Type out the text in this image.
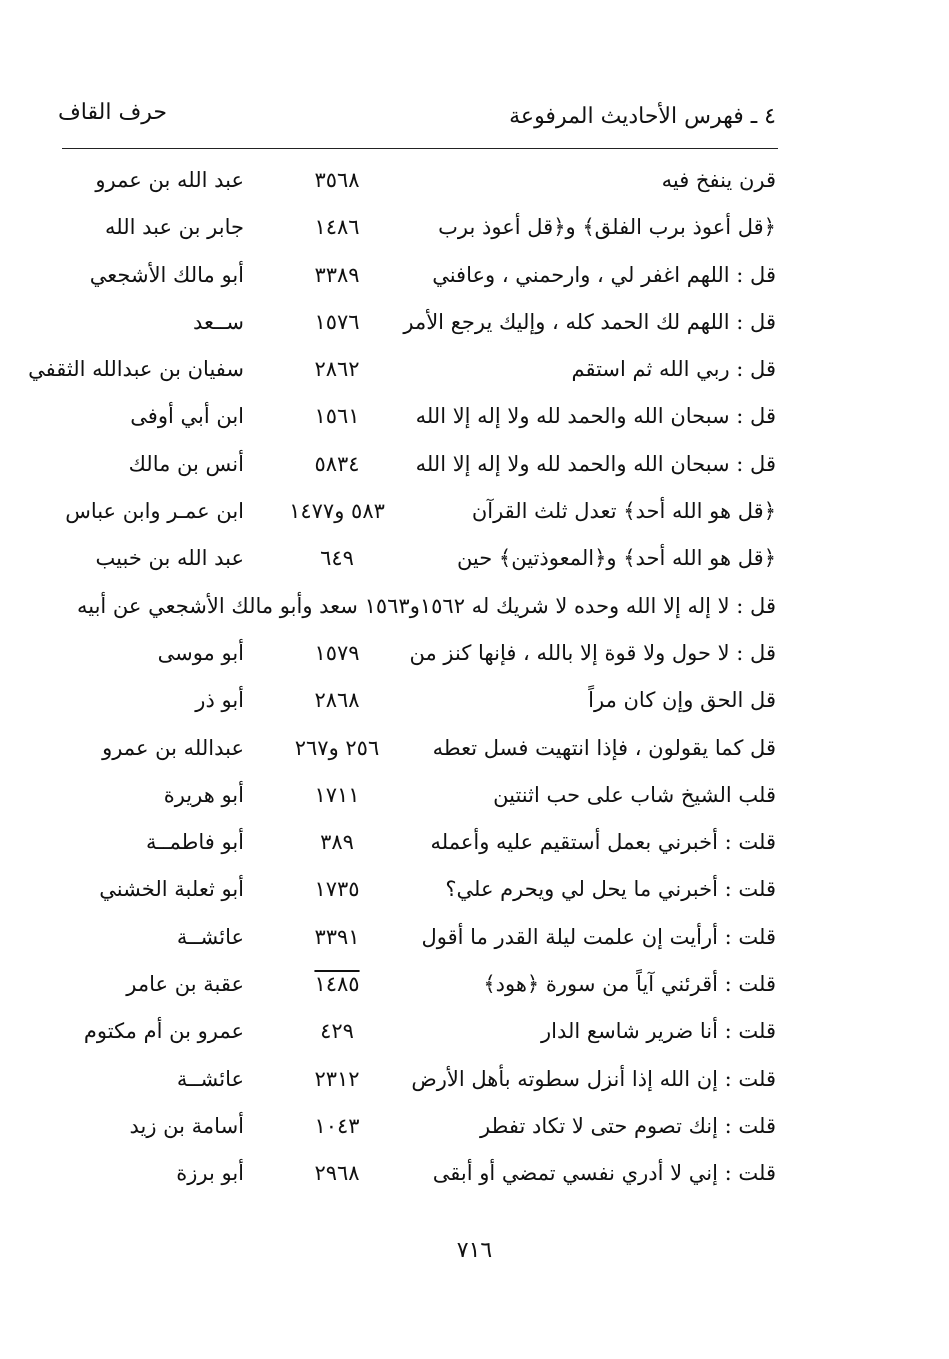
٤ ـ فهرس الأحاديث المرفوعة
حرف القاف
قرن ينفخ فيه
٣٥٦٨
عبد الله بن عمرو
﴿قل أعوذ برب الفلق﴾ و﴿قل أعوذ برب
١٤٨٦
جابر بن عبد الله
قل : اللهم اغفر لي ، وارحمني ، وعافني
٣٣٨٩
أبو مالك الأشجعي
قل : اللهم لك الحمد كله ، وإليك يرجع الأمر
١٥٧٦
ســعد
قل : ربي الله ثم استقم
٢٨٦٢
سفيان بن عبدالله الثقفي
قل : سبحان الله والحمد لله ولا إله إلا الله
١٥٦١
ابن أبي أوفى
قل : سبحان الله والحمد لله ولا إله إلا الله
٥٨٣٤
أنس بن مالك
﴿قل هو الله أحد﴾ تعدل ثلث القرآن
٥٨٣ و١٤٧٧
ابن عمـر وابن عباس
﴿قل هو الله أحد﴾ و﴿المعوذتين﴾ حين
٦٤٩
عبد الله بن خبيب
قل : لا إله إلا الله وحده لا شريك له ١٥٦٢و١٥٦٣ سعد وأبو مالك الأشجعي عن أبيه
قل : لا حول ولا قوة إلا بالله ، فإنها كنز من
١٥٧٩
أبو موسى
قل الحق وإن كان مراً
٢٨٦٨
أبو ذر
قل كما يقولون ، فإذا انتهيت فسل تعطه
٢٥٦ و٢٦٧
عبدالله بن عمرو
قلب الشيخ شاب على حب اثنتين
١٧١١
أبو هريرة
قلت : أخبرني بعمل أستقيم عليه وأعمله
٣٨٩
أبو فاطمــة
قلت : أخبرني ما يحل لي ويحرم علي؟
١٧٣٥
أبو ثعلبة الخشني
قلت : أرأيت إن علمت ليلة القدر ما أقول
٣٣٩١
عائشــة
قلت : أقرئني آياً من سورة ﴿هود﴾
١٤٨٥
عقبة بن عامر
قلت : أنا ضرير شاسع الدار
٤٢٩
عمرو بن أم مكتوم
قلت : إن الله إذا أنزل سطوته بأهل الأرض
٢٣١٢
عائشــة
قلت : إنك تصوم حتى لا تكاد تفطر
١٠٤٣
أسامة بن زيد
قلت : إني لا أدري نفسي تمضي أو أبقى
٢٩٦٨
أبو برزة
٧١٦
